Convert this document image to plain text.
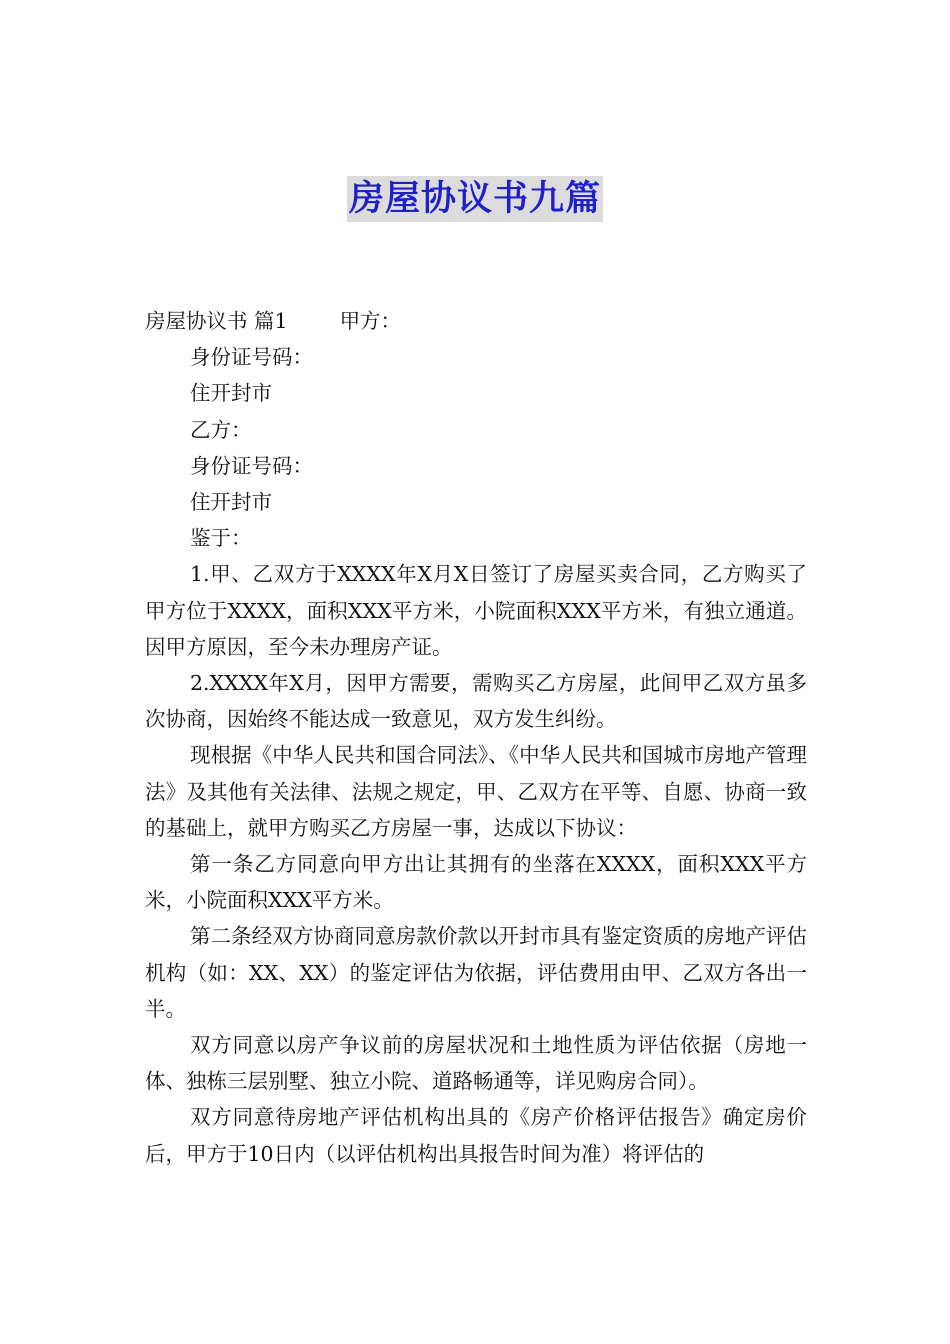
房屋协议书九篇

房屋协议书 篇1	甲方：

身份证号码：

住开封市

乙方：

身份证号码：

住开封市

鉴于：

1.甲、乙双方于XXXX年X月X日签订了房屋买卖合同，乙方购买了甲方位于XXXX，面积XXX平方米，小院面积XXX平方米，有独立通道。因甲方原因，至今未办理房产证。

2.XXXX年X月，因甲方需要，需购买乙方房屋，此间甲乙双方虽多次协商，因始终不能达成一致意见，双方发生纠纷。

现根据《中华人民共和国合同法》、《中华人民共和国城市房地产管理法》及其他有关法律、法规之规定，甲、乙双方在平等、自愿、协商一致的基础上，就甲方购买乙方房屋一事，达成以下协议：

第一条乙方同意向甲方出让其拥有的坐落在XXXX，面积XXX平方米，小院面积XXX平方米。

第二条经双方协商同意房款价款以开封市具有鉴定资质的房地产评估机构（如：XX、XX）的鉴定评估为依据，评估费用由甲、乙双方各出一半。

双方同意以房产争议前的房屋状况和土地性质为评估依据（房地一体、独栋三层别墅、独立小院、道路畅通等，详见购房合同）。

双方同意待房地产评估机构出具的《房产价格评估报告》确定房价后，甲方于10日内（以评估机构出具报告时间为准）将评估的
